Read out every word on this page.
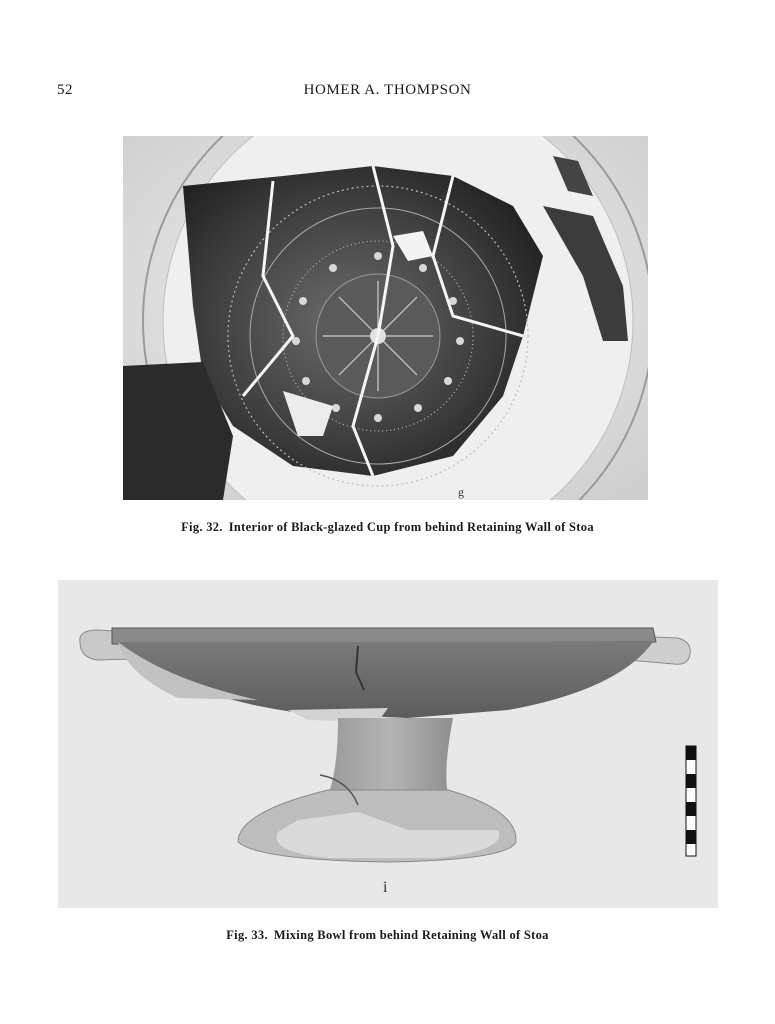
52	HOMER A. THOMPSON
g
Fig. 32. Interior of Black-glazed Cup from behind Retaining Wall of Stoa
i
Fig. 33. Mixing Bowl from behind Retaining Wall of Stoa
